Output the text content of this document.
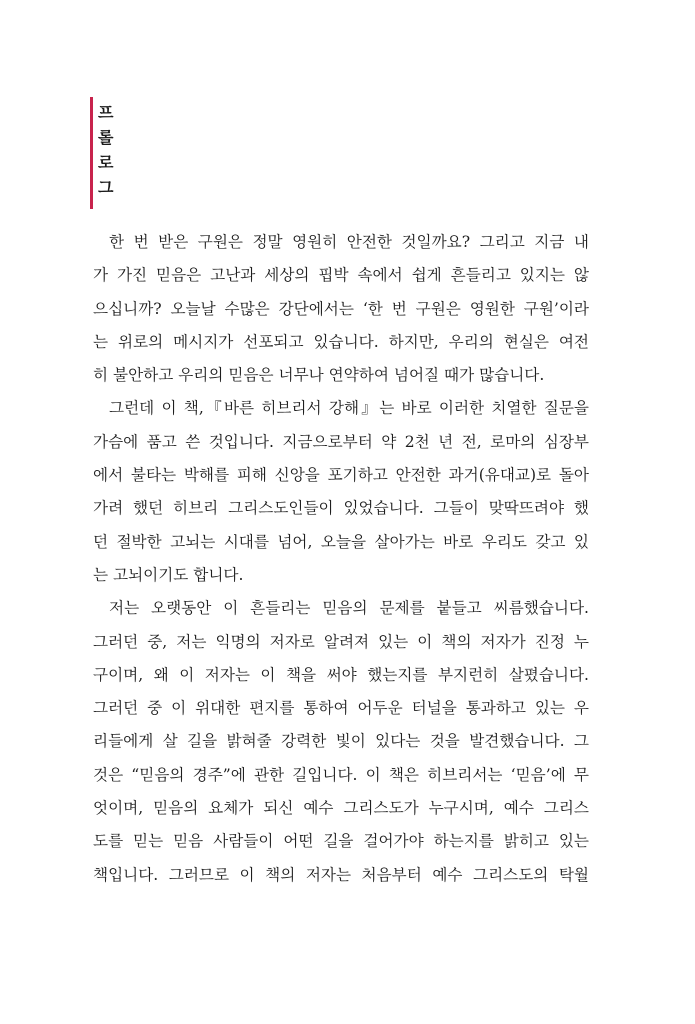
프
롤
로
그
한 번 받은 구원은 정말 영원히 안전한 것일까요? 그리고 지금 내
가 가진 믿음은 고난과 세상의 핍박 속에서 쉽게 흔들리고 있지는 않
으십니까? 오늘날 수많은 강단에서는 ‘한 번 구원은 영원한 구원’이라
는 위로의 메시지가 선포되고 있습니다. 하지만, 우리의 현실은 여전
히 불안하고 우리의 믿음은 너무나 연약하여 넘어질 때가 많습니다.
그런데 이 책,『바른 히브리서 강해』는 바로 이러한 치열한 질문을
가슴에 품고 쓴 것입니다. 지금으로부터 약 2천 년 전, 로마의 심장부
에서 불타는 박해를 피해 신앙을 포기하고 안전한 과거(유대교)로 돌아
가려 했던 히브리 그리스도인들이 있었습니다. 그들이 맞딱뜨려야 했
던 절박한 고뇌는 시대를 넘어, 오늘을 살아가는 바로 우리도 갖고 있
는 고뇌이기도 합니다.
저는 오랫동안 이 흔들리는 믿음의 문제를 붙들고 씨름했습니다.
그러던 중, 저는 익명의 저자로 알려져 있는 이 책의 저자가 진정 누
구이며, 왜 이 저자는 이 책을 써야 했는지를 부지런히 살폈습니다.
그러던 중 이 위대한 편지를 통하여 어두운 터널을 통과하고 있는 우
리들에게 살 길을 밝혀줄 강력한 빛이 있다는 것을 발견했습니다. 그
것은 “믿음의 경주”에 관한 길입니다. 이 책은 히브리서는 ‘믿음’에 무
엇이며, 믿음의 요체가 되신 예수 그리스도가 누구시며, 예수 그리스
도를 믿는 믿음 사람들이 어떤 길을 걸어가야 하는지를 밝히고 있는
책입니다. 그러므로 이 책의 저자는 처음부터 예수 그리스도의 탁월
